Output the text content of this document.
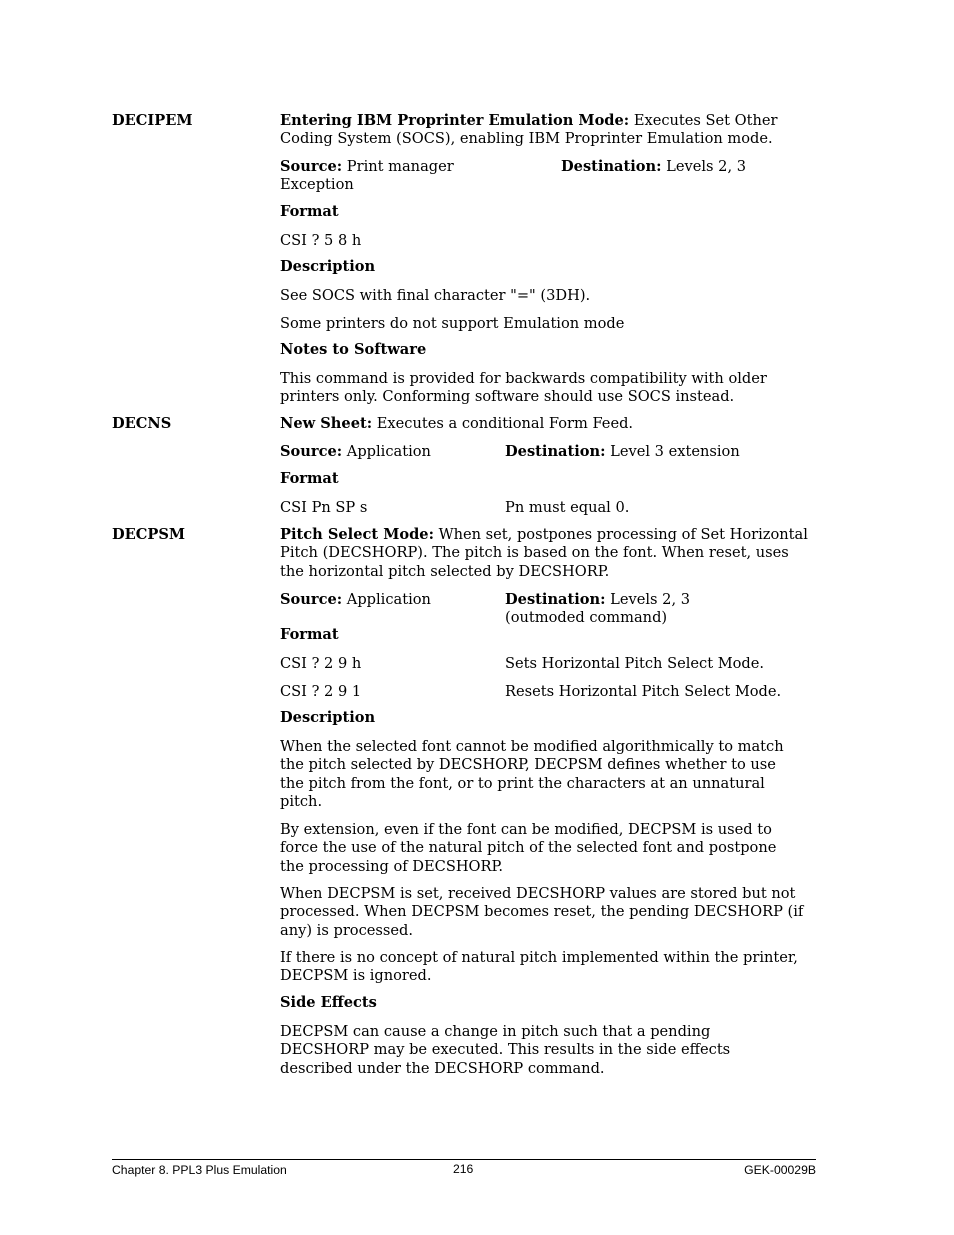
DECIPEM	Entering IBM Proprinter Emulation Mode: Executes Set Other
Coding System (SOCS), enabling IBM Proprinter Emulation mode.
Source: Print manager
Exception
Destination: Levels 2, 3
Format
CSI ? 5 8 h
Description
See SOCS with final character "=" (3DH).
Some printers do not support Emulation mode
Notes to Software
This command is provided for backwards compatibility with older
printers only. Conforming software should use SOCS instead.
DECNS	New Sheet: Executes a conditional Form Feed.
Source: Application	Destination: Level 3 extension
Format
CSI Pn SP s	Pn must equal 0.
DECPSM	Pitch Select Mode: When set, postpones processing of Set Horizontal
Pitch (DECSHORP). The pitch is based on the font. When reset, uses
the horizontal pitch selected by DECSHORP.
Source: Application	Destination: Levels 2, 3
(outmoded command)
Format
CSI ? 2 9 h	Sets Horizontal Pitch Select Mode.
CSI ? 2 9 1	Resets Horizontal Pitch Select Mode.
Description
When the selected font cannot be modified algorithmically to match
the pitch selected by DECSHORP, DECPSM defines whether to use
the pitch from the font, or to print the characters at an unnatural
pitch.
By extension, even if the font can be modified, DECPSM is used to
force the use of the natural pitch of the selected font and postpone
the processing of DECSHORP.
When DECPSM is set, received DECSHORP values are stored but not
processed. When DECPSM becomes reset, the pending DECSHORP (if
any) is processed.
If there is no concept of natural pitch implemented within the printer,
DECPSM is ignored.
Side Effects
DECPSM can cause a change in pitch such that a pending
DECSHORP may be executed. This results in the side effects
described under the DECSHORP command.
Chapter 8. PPL3 Plus Emulation	216	GEK-00029B
